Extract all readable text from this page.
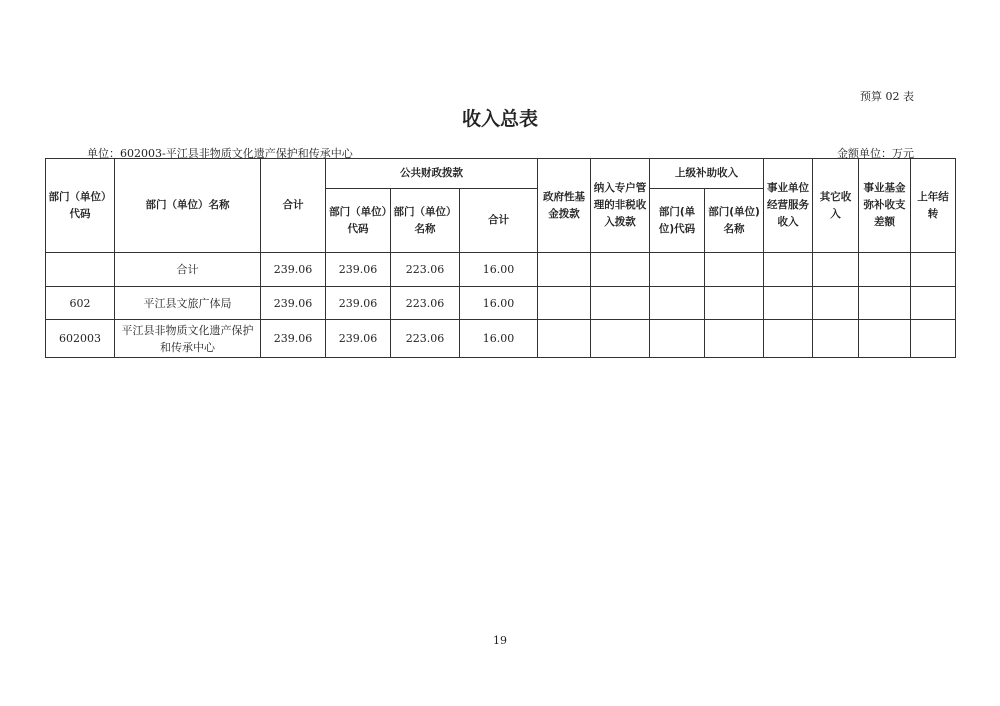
预算 02 表
收入总表
单位：602003-平江县非物质文化遗产保护和传承中心	金额单位：万元
部门（单位）代码	部门（单位）名称	合计	公共财政拨款			政府性基金拨款	纳入专户管理的非税收入拨款	上级补助收入		事业单位经营服务收入	其它收入	事业基金弥补收支差额	上年结转
			部门（单位）代码	部门（单位）名称	合计			部门(单位)代码	部门(单位)名称				
	合计	239.06	239.06	223.06	16.00								
602	平江县文旅广体局	239.06	239.06	223.06	16.00								
602003	平江县非物质文化遗产保护和传承中心	239.06	239.06	223.06	16.00								
19
